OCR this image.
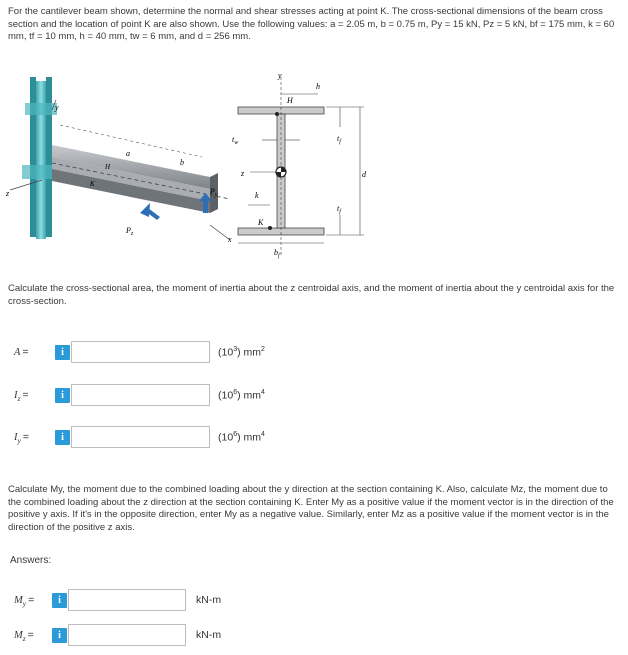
For the cantilever beam shown, determine the normal and shear stresses acting at point K. The cross-sectional dimensions of the beam cross section and the location of point K are also shown. Use the following values: a = 2.05 m, b = 0.75 m, Py = 15 kN, Pz = 5 kN, bf = 175 mm, k = 60 mm, tf = 10 mm, h = 40 mm, tw = 6 mm, and d = 256 mm.
z
y
x
a
b
H
K
$P_y$
$P_z$
y
z
H
h
$t_w$	$t_f$
$t_f$
d
k
K
$b_f$
Calculate the cross-sectional area, the moment of inertia about the z centroidal axis, and the moment of inertia about the y centroidal axis for the cross-section.
A =	i	$(10^3)$ $mm^2$
$I_z$ =	i	$(10^6)$ $mm^4$
$I_y$ =	i	$(10^6)$ $mm^4$
Calculate My, the moment due to the combined loading about the y direction at the section containing K. Also, calculate Mz, the moment due to the combined loading about the z direction at the section containing K. Enter My as a positive value if the moment vector is in the direction of the positive y axis. If it's in the opposite direction, enter My as a negative value. Similarly, enter Mz as a positive value if the moment vector is in the direction of the positive z axis.
Answers:
$M_y$ =	i	kN-m
$M_z$ =	i	kN-m
